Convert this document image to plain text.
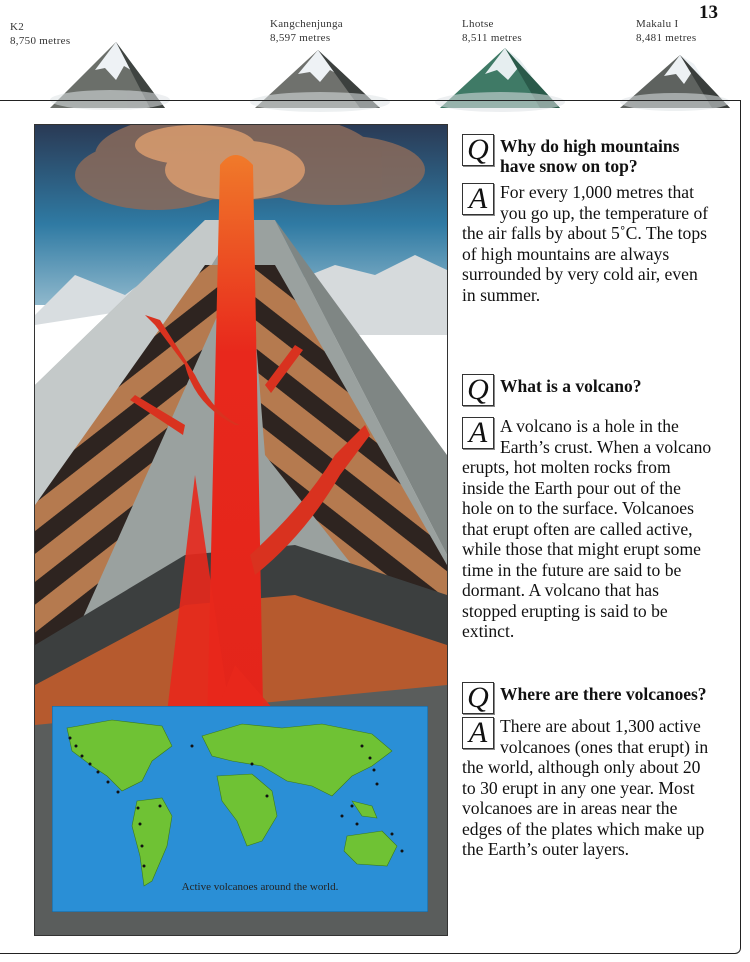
13
K2
8,750 metres
Kangchenjunga
8,597 metres
Lhotse
8,511 metres
Makalu I
8,481 metres
Active volcanoes around the world.
Q Why do high mountains have snow on top?
A For every 1,000 metres that you go up, the temperature of the air falls by about 5˚C. The tops of high mountains are always surrounded by very cold air, even in summer.

Q What is a volcano?
A A volcano is a hole in the Earth’s crust. When a volcano erupts, hot molten rocks from inside the Earth pour out of the hole on to the surface. Volcanoes that erupt often are called active, while those that might erupt some time in the future are said to be dormant. A volcano that has stopped erupting is said to be extinct.

Q Where are there volcanoes?
A There are about 1,300 active volcanoes (ones that erupt) in the world, although only about 20 to 30 erupt in any one year. Most volcanoes are in areas near the edges of the plates which make up the Earth’s outer layers.
